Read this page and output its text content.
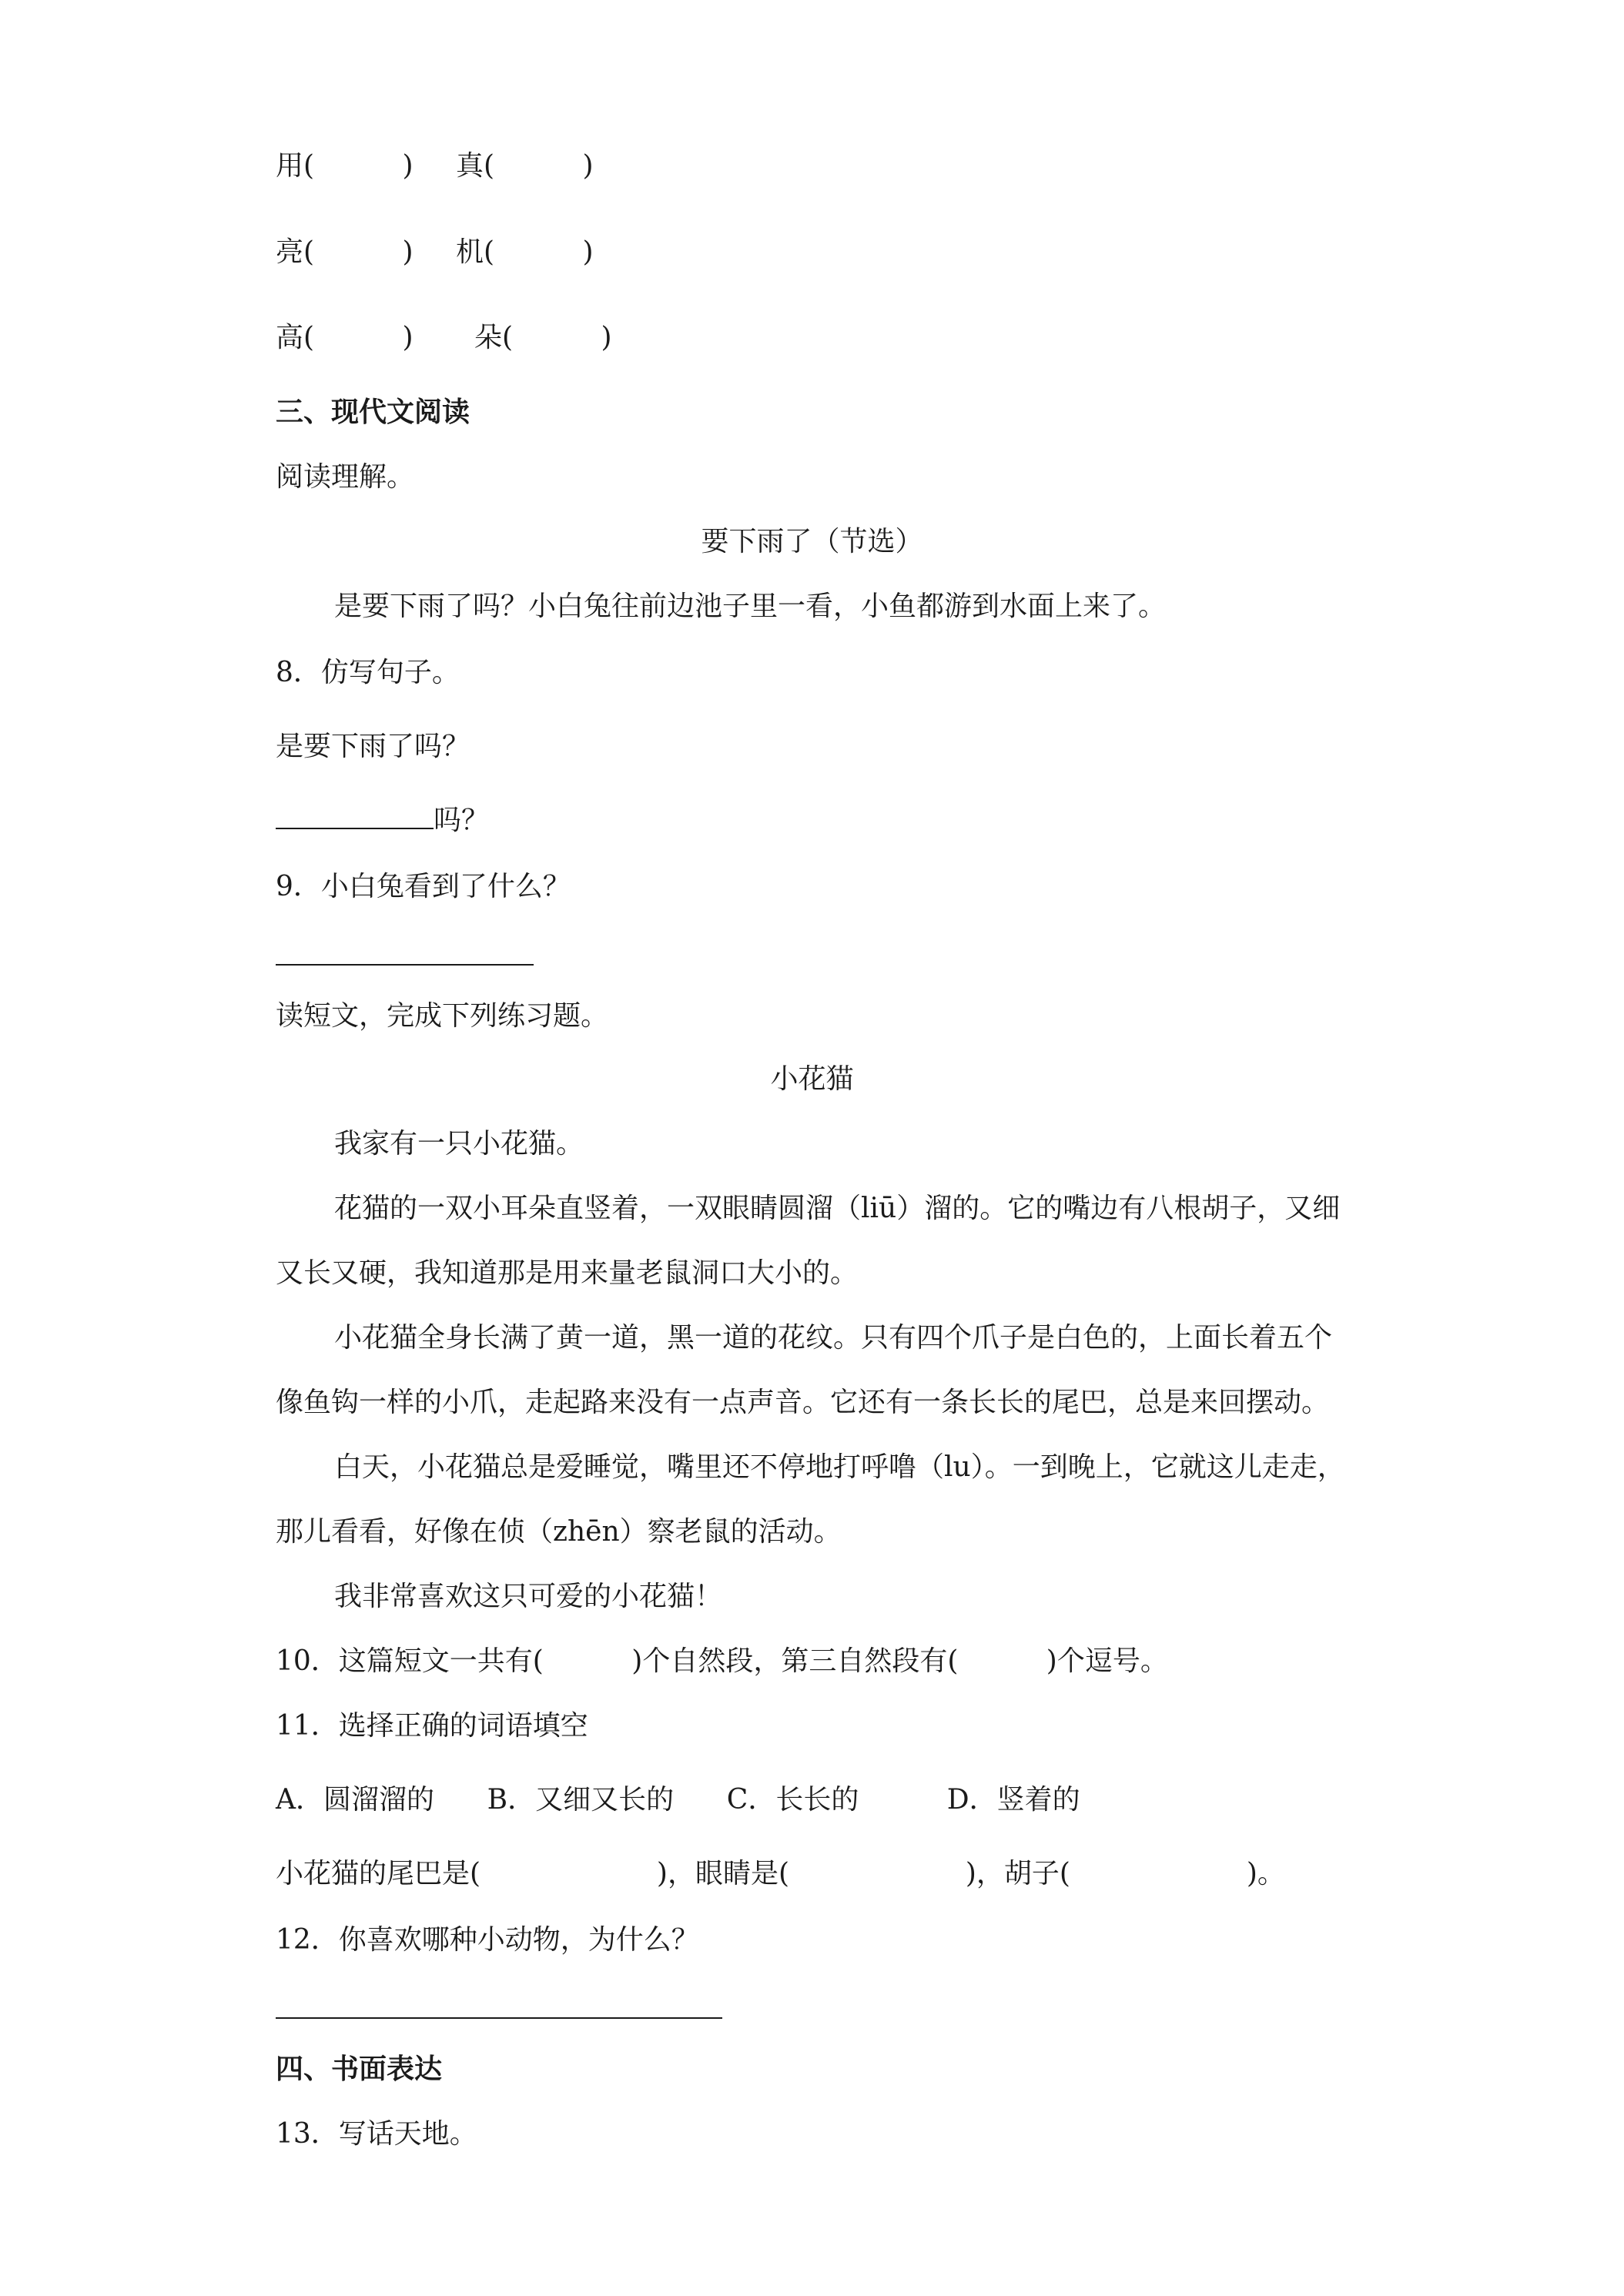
用(          ) 真(          )
亮(          ) 机(          )
高(          ) 朵(          )
三、现代文阅读
阅读理解。
要下雨了（节选）
是要下雨了吗？小白兔往前边池子里一看，小鱼都游到水面上来了。
8．仿写句子。
是要下雨了吗？
吗？
9．小白兔看到了什么？
读短文，完成下列练习题。
小花猫
我家有一只小花猫。
花猫的一双小耳朵直竖着，一双眼睛圆溜（liū）溜的。它的嘴边有八根胡子，又细
又长又硬，我知道那是用来量老鼠洞口大小的。
小花猫全身长满了黄一道，黑一道的花纹。只有四个爪子是白色的，上面长着五个
像鱼钩一样的小爪，走起路来没有一点声音。它还有一条长长的尾巴，总是来回摆动。
白天，小花猫总是爱睡觉，嘴里还不停地打呼噜（lu）。一到晚上，它就这儿走走，
那儿看看，好像在侦（zhēn）察老鼠的活动。
我非常喜欢这只可爱的小花猫！
10．这篇短文一共有(          )个自然段，第三自然段有(          )个逗号。
11．选择正确的词语填空
A．圆溜溜的      B．又细又长的      C．长长的          D．竖着的
小花猫的尾巴是(                    )，眼睛是(                    )，胡子(                    )。
12．你喜欢哪种小动物，为什么？
四、书面表达
13．写话天地。
